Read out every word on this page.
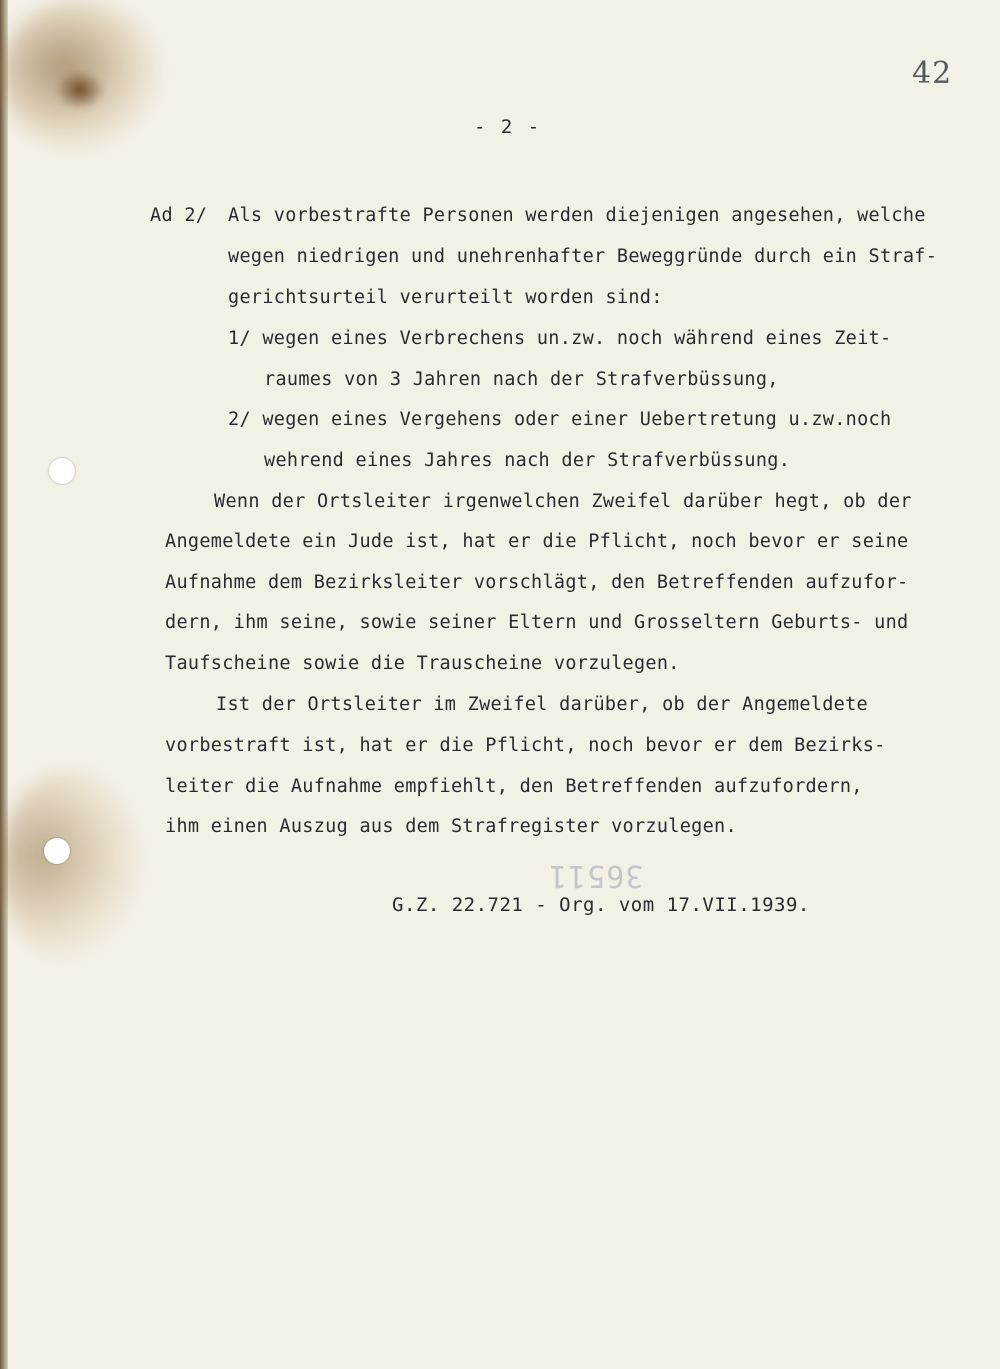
42
- 2 -
Ad 2/ Als vorbestrafte Personen werden diejenigen angesehen, welche
wegen niedrigen und unehrenhafter Beweggründe durch ein Straf-
gerichtsurteil verurteilt worden sind:
1/ wegen eines Verbrechens un.zw. noch während eines Zeit-
raumes von 3 Jahren nach der Strafverbüssung,
2/ wegen eines Vergehens oder einer Uebertretung u.zw.noch
wehrend eines Jahres nach der Strafverbüssung.
Wenn der Ortsleiter irgenwelchen Zweifel darüber hegt, ob der
Angemeldete ein Jude ist, hat er die Pflicht, noch bevor er seine
Aufnahme dem Bezirksleiter vorschlägt, den Betreffenden aufzufor-
dern, ihm seine, sowie seiner Eltern und Grosseltern Geburts- und
Taufscheine sowie die Trauscheine vorzulegen.
Ist der Ortsleiter im Zweifel darüber, ob der Angemeldete
vorbestraft ist, hat er die Pflicht, noch bevor er dem Bezirks-
leiter die Aufnahme empfiehlt, den Betreffenden aufzufordern,
ihm einen Auszug aus dem Strafregister vorzulegen.
36511
G.Z. 22.721 - Org. vom 17.VII.1939.
